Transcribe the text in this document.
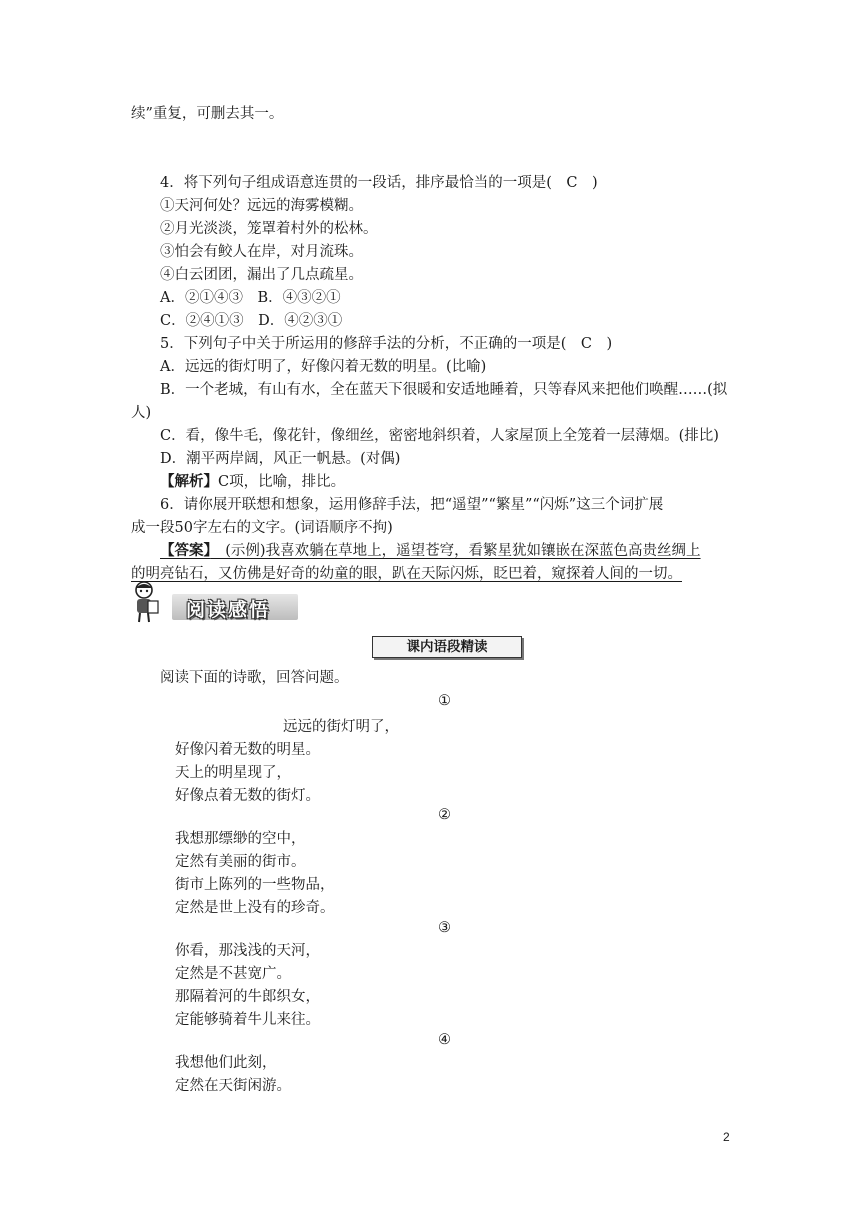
续”重复，可删去其一。
4．将下列句子组成语意连贯的一段话，排序最恰当的一项是(　C　)
①天河何处？远远的海雾模糊。
②月光淡淡，笼罩着村外的松林。
③怕会有鲛人在岸，对月流珠。
④白云团团，漏出了几点疏星。
A．②①④③　B．④③②①
C．②④①③　D．④②③①
5．下列句子中关于所运用的修辞手法的分析，不正确的一项是(　C　)
A．远远的街灯明了，好像闪着无数的明星。(比喻)
B．一个老城，有山有水，全在蓝天下很暖和安适地睡着，只等春风来把他们唤醒……(拟
人)
C．看，像牛毛，像花针，像细丝，密密地斜织着，人家屋顶上全笼着一层薄烟。(排比)
D．潮平两岸阔，风正一帆悬。(对偶)
【解析】C项，比喻，排比。
6．请你展开联想和想象，运用修辞手法，把“遥望”“繁星”“闪烁”这三个词扩展
成一段50字左右的文字。(词语顺序不拘)
【答案】　(示例)我喜欢躺在草地上，遥望苍穹，看繁星犹如镶嵌在深蓝色高贵丝绸上
的明亮钻石，又仿佛是好奇的幼童的眼，趴在天际闪烁，眨巴着，窥探着人间的一切。
阅读感悟
课内语段精读
阅读下面的诗歌，回答问题。
①
远远的街灯明了，
好像闪着无数的明星。
天上的明星现了，
好像点着无数的街灯。
②
我想那缥缈的空中，
定然有美丽的街市。
街市上陈列的一些物品，
定然是世上没有的珍奇。
③
你看，那浅浅的天河，
定然是不甚宽广。
那隔着河的牛郎织女，
定能够骑着牛儿来往。
④
我想他们此刻，
定然在天街闲游。
2
